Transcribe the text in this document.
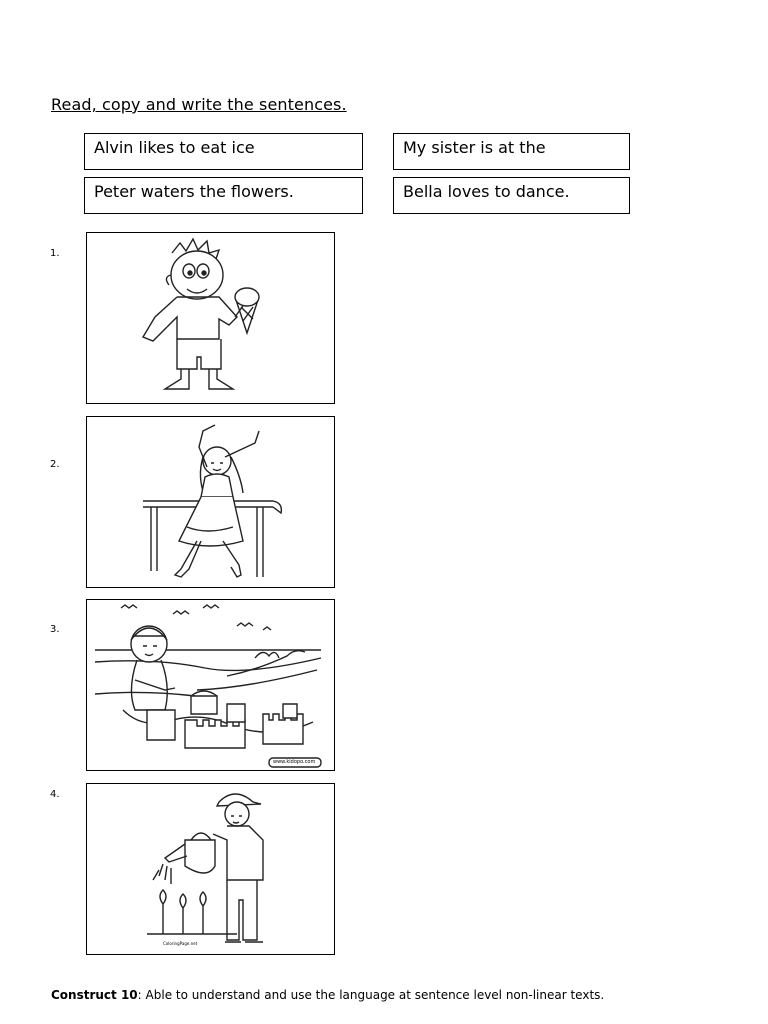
Read, copy and write the sentences.
Alvin likes to eat ice	My sister is at the
Peter waters the flowers.	Bella loves to dance.
1.
2.
3.
www.kidopo.com
4.
ColoringPage.net
Construct 10: Able to understand and use the language at sentence level non-linear texts.
